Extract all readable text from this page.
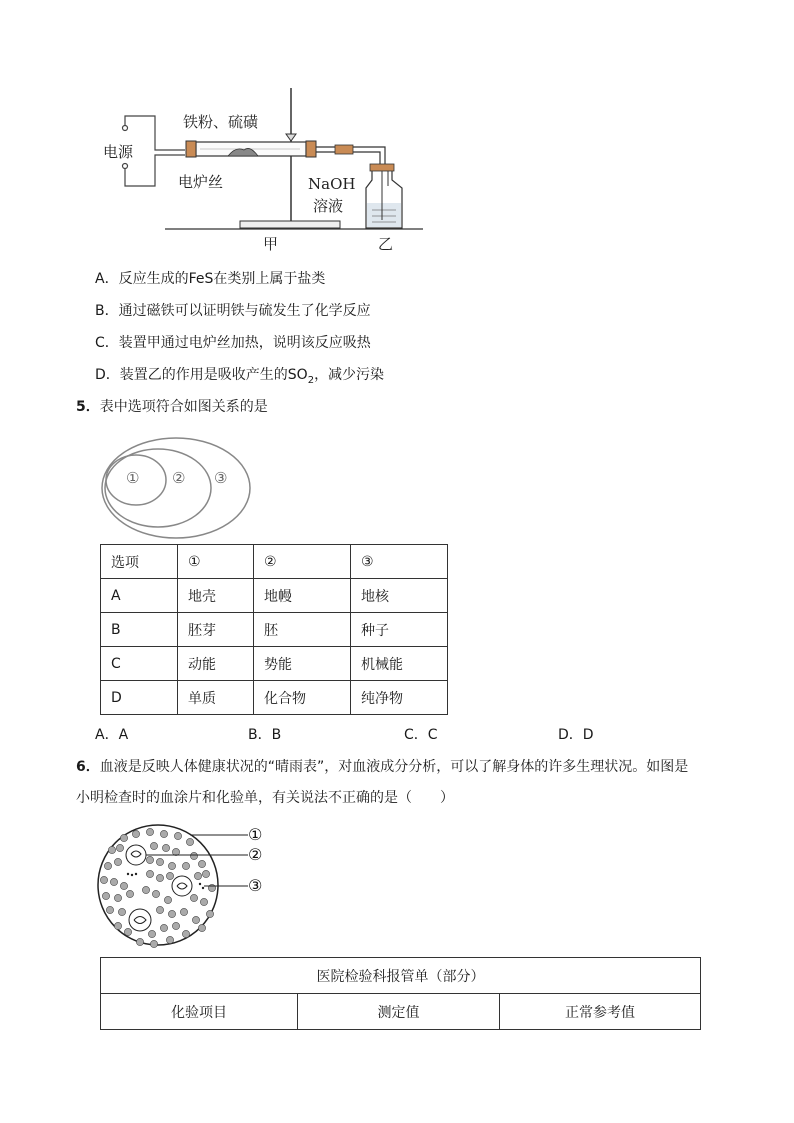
电源
铁粉、硫磺
电炉丝	NaOH
溶液
甲	乙
A．反应生成的FeS在类别上属于盐类
B．通过磁铁可以证明铁与硫发生了化学反应
C．装置甲通过电炉丝加热，说明该反应吸热
D．装置乙的作用是吸收产生的$SO_2$，减少污染
5．表中选项符合如图关系的是
① ② ③
选项	①	②	③
A	地壳	地幔	地核
B	胚芽	胚	种子
C	动能	势能	机械能
D	单质	化合物	纯净物
A．A	B．B	C．C	D．D
6．血液是反映人体健康状况的“晴雨表”，对血液成分分析，可以了解身体的许多生理状况。如图是
小明检查时的血涂片和化验单，有关说法不正确的是（　　）
①
②
③
医院检验科报管单（部分）
化验项目	测定值	正常参考值
